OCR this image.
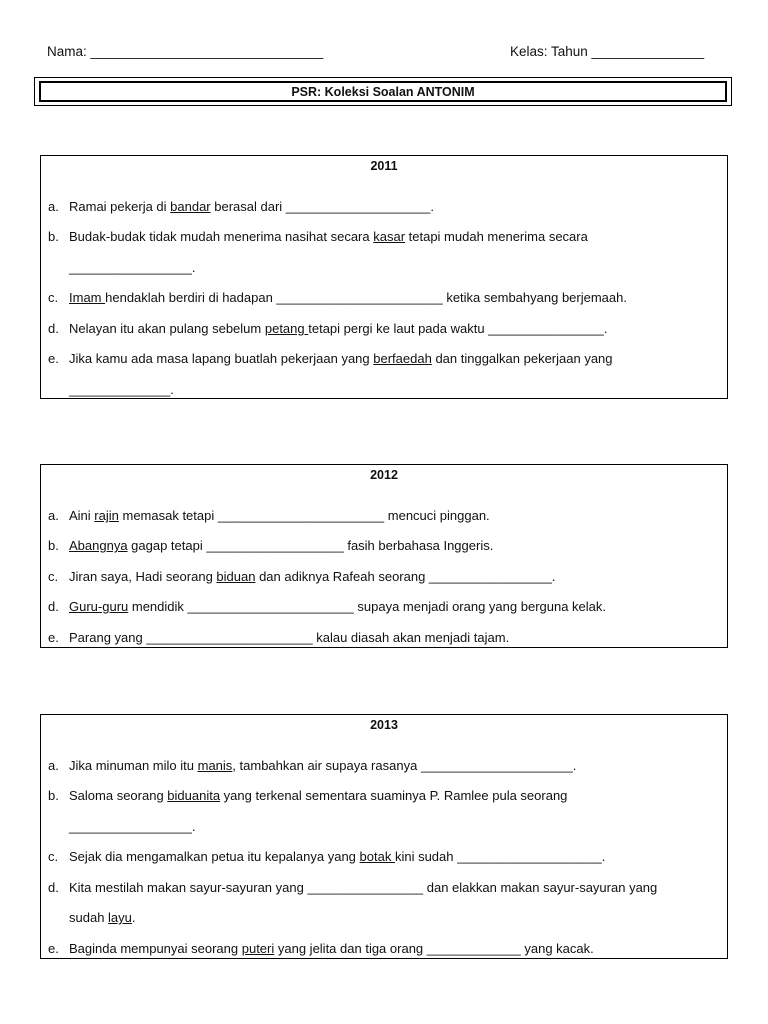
Nama: _______________________________	Kelas: Tahun _______________
PSR: Koleksi Soalan ANTONIM
2011
a. Ramai pekerja di bandar berasal dari ____________________.
b. Budak-budak tidak mudah menerima nasihat secara kasar tetapi mudah menerima secara
_________________.
c. Imam hendaklah berdiri di hadapan _______________________ ketika sembahyang berjemaah.
d. Nelayan itu akan pulang sebelum petang tetapi pergi ke laut pada waktu ________________.
e. Jika kamu ada masa lapang buatlah pekerjaan yang berfaedah dan tinggalkan pekerjaan yang
______________.
2012
a. Aini rajin memasak tetapi _______________________ mencuci pinggan.
b. Abangnya gagap tetapi ___________________ fasih berbahasa Inggeris.
c. Jiran saya, Hadi seorang biduan dan adiknya Rafeah seorang _________________.
d. Guru-guru mendidik _______________________ supaya menjadi orang yang berguna kelak.
e. Parang yang _______________________ kalau diasah akan menjadi tajam.
2013
a. Jika minuman milo itu manis, tambahkan air supaya rasanya _____________________.
b. Saloma seorang biduanita yang terkenal sementara suaminya P. Ramlee pula seorang
_________________.
c. Sejak dia mengamalkan petua itu kepalanya yang botak kini sudah ____________________.
d. Kita mestilah makan sayur-sayuran yang ________________ dan elakkan makan sayur-sayuran yang
sudah layu.
e. Baginda mempunyai seorang puteri yang jelita dan tiga orang _____________ yang kacak.
